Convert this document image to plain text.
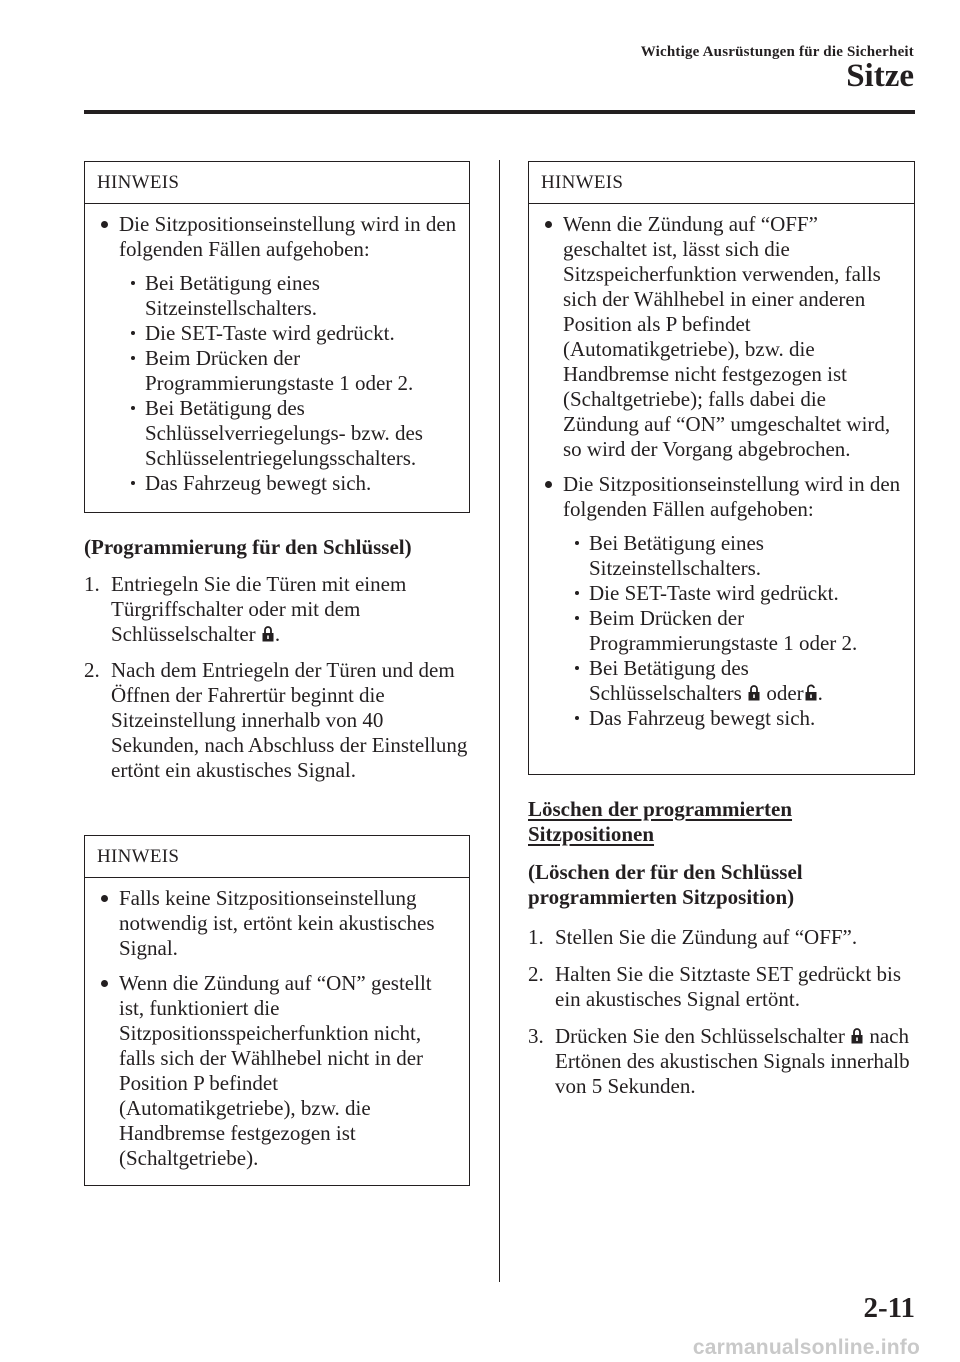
Wichtige Ausrüstungen für die Sicherheit
Sitze
HINWEIS
Die Sitzpositionseinstellung wird in den folgenden Fällen aufgehoben:
Bei Betätigung eines Sitzeinstellschalters.
Die SET-Taste wird gedrückt.
Beim Drücken der Programmierungstaste 1 oder 2.
Bei Betätigung des Schlüsselverriegelungs- bzw. des Schlüsselentriegelungsschalters.
Das Fahrzeug bewegt sich.
(Programmierung für den Schlüssel)
1. Entriegeln Sie die Türen mit einem Türgriffschalter oder mit dem Schlüsselschalter .
2. Nach dem Entriegeln der Türen und dem Öffnen der Fahrertür beginnt die Sitzeinstellung innerhalb von 40 Sekunden, nach Abschluss der Einstellung ertönt ein akustisches Signal.
HINWEIS
Falls keine Sitzpositionseinstellung notwendig ist, ertönt kein akustisches Signal.
Wenn die Zündung auf “ON” gestellt ist, funktioniert die Sitzpositionsspeicherfunktion nicht, falls sich der Wählhebel nicht in der Position P befindet (Automatikgetriebe), bzw. die Handbremse festgezogen ist (Schaltgetriebe).
HINWEIS
Wenn die Zündung auf “OFF” geschaltet ist, lässt sich die Sitzspeicherfunktion verwenden, falls sich der Wählhebel in einer anderen Position als P befindet (Automatikgetriebe), bzw. die Handbremse nicht festgezogen ist (Schaltgetriebe); falls dabei die Zündung auf “ON” umgeschaltet wird, so wird der Vorgang abgebrochen.
Die Sitzpositionseinstellung wird in den folgenden Fällen aufgehoben:
Bei Betätigung eines Sitzeinstellschalters.
Die SET-Taste wird gedrückt.
Beim Drücken der Programmierungstaste 1 oder 2.
Bei Betätigung des Schlüsselschalters oder .
Das Fahrzeug bewegt sich.
Löschen der programmierten
Sitzpositionen
(Löschen der für den Schlüssel programmierten Sitzposition)
1. Stellen Sie die Zündung auf “OFF”.
2. Halten Sie die Sitztaste SET gedrückt bis ein akustisches Signal ertönt.
3. Drücken Sie den Schlüsselschalter nach Ertönen des akustischen Signals innerhalb von 5 Sekunden.
2-11
carmanualsonline.info
